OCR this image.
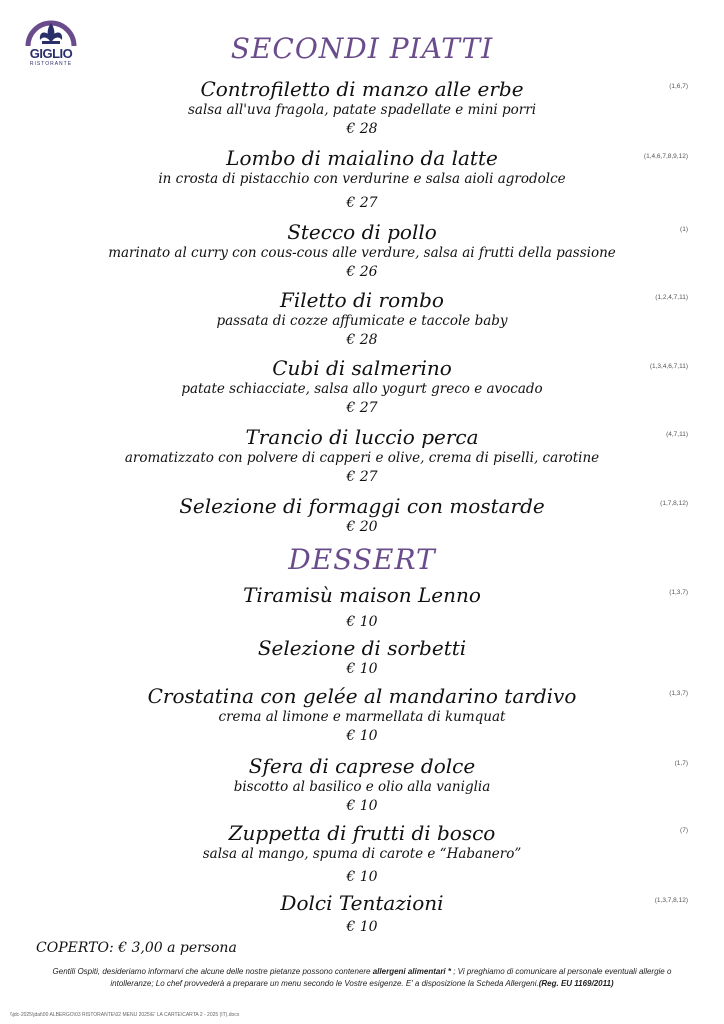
GIGLIO
RISTORANTE	SECONDI PIATTI
Controfiletto di manzo alle erbe
salsa all'uva fragola, patate spadellate e mini porri
€ 28
(1,6,7)
Lombo di maialino da latte
in crosta di pistacchio con verdurine e salsa aioli agrodolce
€ 27
(1,4,6,7,8,9,12)
Stecco di pollo
marinato al curry con cous-cous alle verdure, salsa ai frutti della passione
€ 26
(1)
Filetto di rombo
passata di cozze affumicate e taccole baby
€ 28
(1,2,4,7,11)
Cubi di salmerino
patate schiacciate, salsa allo yogurt greco e avocado
€ 27
(1,3,4,6,7,11)
Trancio di luccio perca
aromatizzato con polvere di capperi e olive, crema di piselli, carotine
€ 27
(4,7,11)
Selezione di formaggi con mostarde
€ 20
(1,7,8,12)
DESSERT
Tiramisù maison Lenno
€ 10
(1,3,7)
Selezione di sorbetti
€ 10
Crostatina con gelée al mandarino tardivo
crema al limone e marmellata di kumquat
€ 10
(1,3,7)
Sfera di caprese dolce
biscotto al basilico e olio alla vaniglia
€ 10
(1,7)
Zuppetta di frutti di bosco
salsa al mango, spuma di carote e “Habanero”
€ 10
(7)
Dolci Tentazioni
€ 10
(1,3,7,8,12)
COPERTO: € 3,00 a persona
Gentili Ospiti, desideriamo informarvi che alcune delle nostre pietanze possono contenere allergeni alimentari * ; Vi preghiamo di comunicare al personale eventuali allergie o intolleranze; Lo chef provvederà a preparare un menu secondo le Vostre esigenze. E' a disposizione la Scheda Allergeni.(Reg. EU 1169/2011)
\\jdc-2025\jdat\00 ALBERGO\03 RISTORANTE\02 MENU 2025\E' LA CARTE\CARTA 2 - 2025 (IT).docx
